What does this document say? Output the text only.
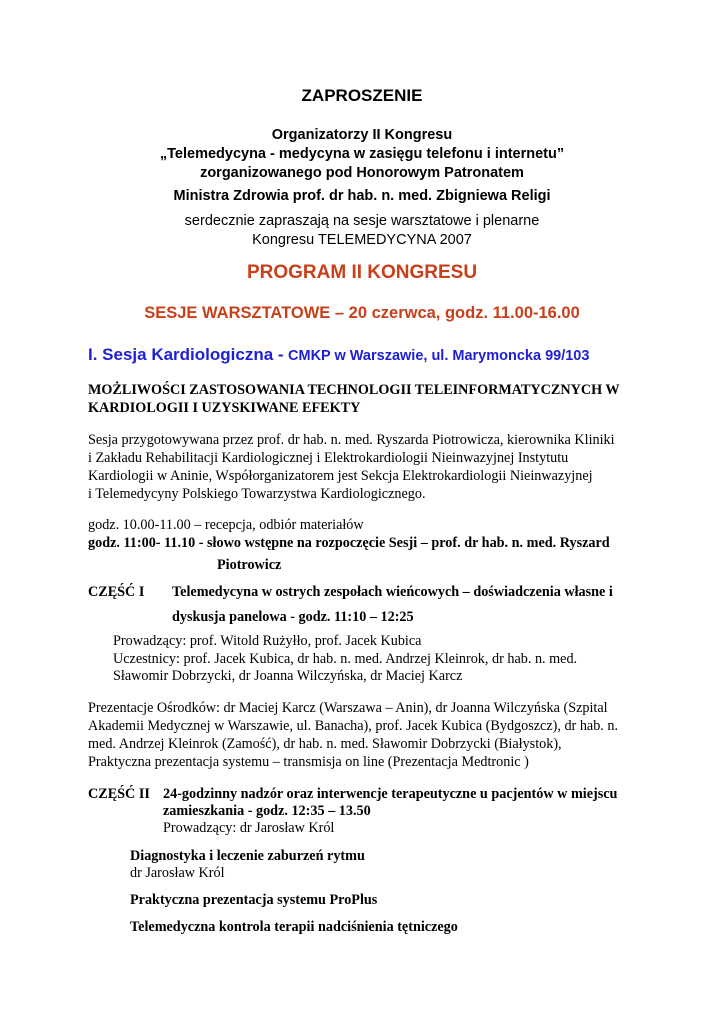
ZAPROSZENIE
Organizatorzy II Kongresu
„Telemedycyna - medycyna w zasięgu telefonu i internetu”
zorganizowanego pod Honorowym Patronatem
Ministra Zdrowia prof. dr hab. n. med. Zbigniewa Religi
serdecznie zapraszają na sesje warsztatowe i plenarne
Kongresu TELEMEDYCYNA 2007
PROGRAM II KONGRESU
SESJE WARSZTATOWE – 20 czerwca, godz. 11.00-16.00
I. Sesja Kardiologiczna - CMKP w Warszawie, ul. Marymoncka 99/103
MOŻLIWOŚCI ZASTOSOWANIA TECHNOLOGII TELEINFORMATYCZNYCH W
KARDIOLOGII I UZYSKIWANE EFEKTY
Sesja przygotowywana przez prof. dr hab. n. med. Ryszarda Piotrowicza, kierownika Kliniki
i Zakładu Rehabilitacji Kardiologicznej i Elektrokardiologii Nieinwazyjnej Instytutu
Kardiologii w Aninie, Współorganizatorem jest Sekcja Elektrokardiologii Nieinwazyjnej
i Telemedycyny Polskiego Towarzystwa Kardiologicznego.
godz. 10.00-11.00 – recepcja, odbiór materiałów
godz. 11:00- 11.10 - słowo wstępne na rozpoczęcie Sesji – prof. dr hab. n. med. Ryszard
Piotrowicz
CZĘŚĆ I Telemedycyna w ostrych zespołach wieńcowych – doświadczenia własne i
dyskusja panelowa - godz. 11:10 – 12:25
Prowadzący: prof. Witold Rużyłło, prof. Jacek Kubica
Uczestnicy: prof. Jacek Kubica, dr hab. n. med. Andrzej Kleinrok, dr hab. n. med.
Sławomir Dobrzycki, dr Joanna Wilczyńska, dr Maciej Karcz
Prezentacje Ośrodków: dr Maciej Karcz (Warszawa – Anin), dr Joanna Wilczyńska (Szpital
Akademii Medycznej w Warszawie, ul. Banacha), prof. Jacek Kubica (Bydgoszcz), dr hab. n.
med. Andrzej Kleinrok (Zamość), dr hab. n. med. Sławomir Dobrzycki (Białystok),
Praktyczna prezentacja systemu – transmisja on line (Prezentacja Medtronic )
CZĘŚĆ II 24-godzinny nadzór oraz interwencje terapeutyczne u pacjentów w miejscu
zamieszkania - godz. 12:35 – 13.50
Prowadzący: dr Jarosław Król
Diagnostyka i leczenie zaburzeń rytmu
dr Jarosław Król
Praktyczna prezentacja systemu ProPlus
Telemedyczna kontrola terapii nadciśnienia tętniczego
